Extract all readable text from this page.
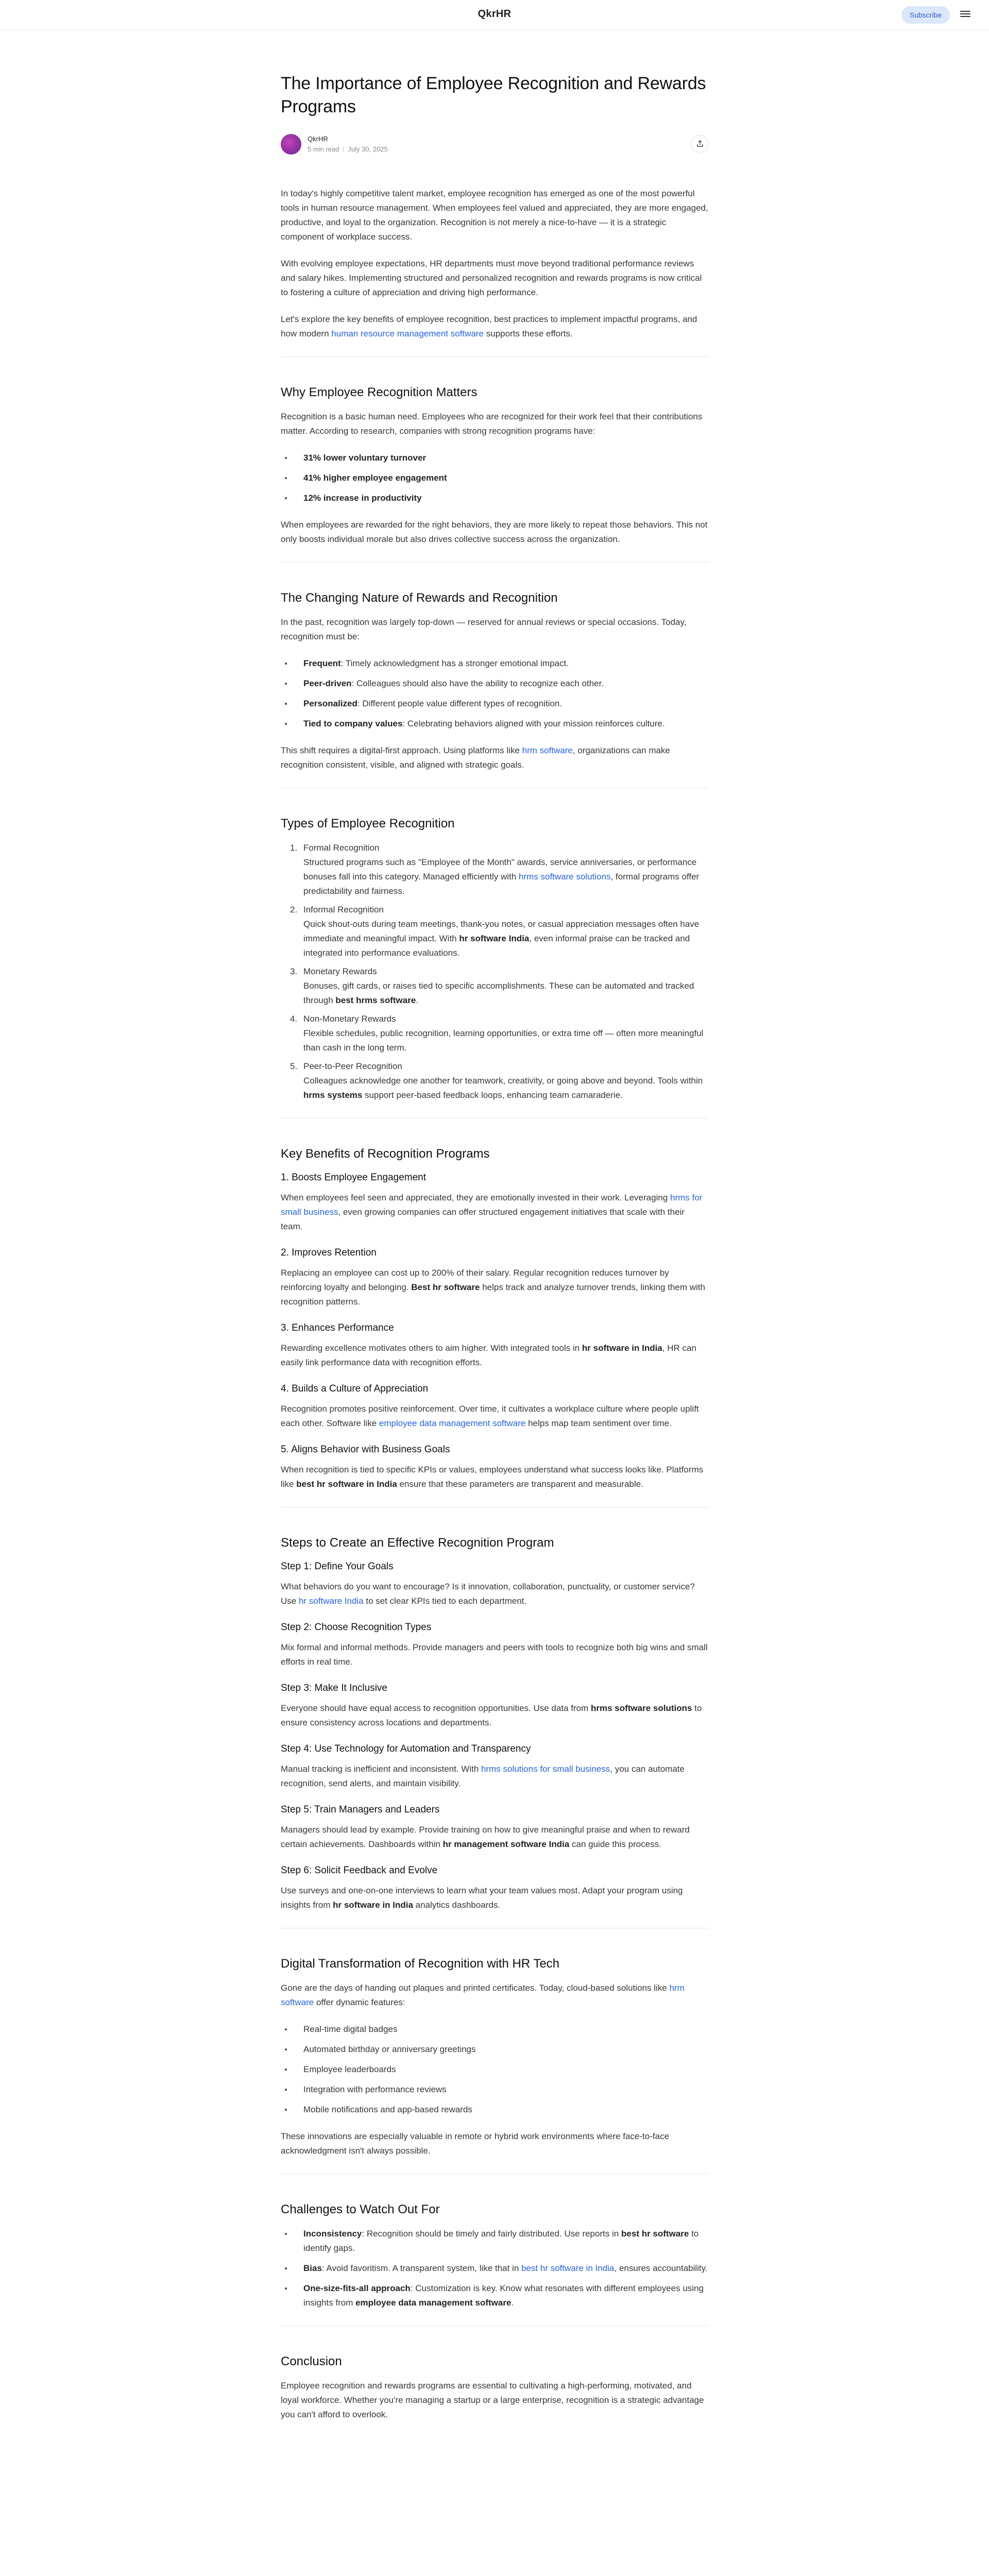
QkrHR	Subscribe
The Importance of Employee Recognition and Rewards Programs
QkrHR
5 min read July 30, 2025

In today's highly competitive talent market, employee recognition has emerged as one of the most powerful tools in human resource management. When employees feel valued and appreciated, they are more engaged, productive, and loyal to the organization. Recognition is not merely a nice-to-have — it is a strategic component of workplace success.

With evolving employee expectations, HR departments must move beyond traditional performance reviews and salary hikes. Implementing structured and personalized recognition and rewards programs is now critical to fostering a culture of appreciation and driving high performance.

Let's explore the key benefits of employee recognition, best practices to implement impactful programs, and how modern human resource management software supports these efforts.

Why Employee Recognition Matters

Recognition is a basic human need. Employees who are recognized for their work feel that their contributions matter. According to research, companies with strong recognition programs have:

31% lower voluntary turnover
41% higher employee engagement
12% increase in productivity

When employees are rewarded for the right behaviors, they are more likely to repeat those behaviors. This not only boosts individual morale but also drives collective success across the organization.

The Changing Nature of Rewards and Recognition

In the past, recognition was largely top-down — reserved for annual reviews or special occasions. Today, recognition must be:

Frequent: Timely acknowledgment has a stronger emotional impact.
Peer-driven: Colleagues should also have the ability to recognize each other.
Personalized: Different people value different types of recognition.
Tied to company values: Celebrating behaviors aligned with your mission reinforces culture.

This shift requires a digital-first approach. Using platforms like hrm software, organizations can make recognition consistent, visible, and aligned with strategic goals.

Types of Employee Recognition
1. Formal Recognition
Structured programs such as "Employee of the Month" awards, service anniversaries, or performance bonuses fall into this category. Managed efficiently with hrms software solutions, formal programs offer predictability and fairness.
2. Informal Recognition
Quick shout-outs during team meetings, thank-you notes, or casual appreciation messages often have immediate and meaningful impact. With hr software India, even informal praise can be tracked and integrated into performance evaluations.
3. Monetary Rewards
Bonuses, gift cards, or raises tied to specific accomplishments. These can be automated and tracked through best hrms software.
4. Non-Monetary Rewards
Flexible schedules, public recognition, learning opportunities, or extra time off — often more meaningful than cash in the long term.
5. Peer-to-Peer Recognition
Colleagues acknowledge one another for teamwork, creativity, or going above and beyond. Tools within hrms systems support peer-based feedback loops, enhancing team camaraderie.
Key Benefits of Recognition Programs
1. Boosts Employee Engagement

When employees feel seen and appreciated, they are emotionally invested in their work. Leveraging hrms for small business, even growing companies can offer structured engagement initiatives that scale with their team.

2. Improves Retention

Replacing an employee can cost up to 200% of their salary. Regular recognition reduces turnover by reinforcing loyalty and belonging. Best hr software helps track and analyze turnover trends, linking them with recognition patterns.

3. Enhances Performance

Rewarding excellence motivates others to aim higher. With integrated tools in hr software in India, HR can easily link performance data with recognition efforts.

4. Builds a Culture of Appreciation

Recognition promotes positive reinforcement. Over time, it cultivates a workplace culture where people uplift each other. Software like employee data management software helps map team sentiment over time.

5. Aligns Behavior with Business Goals

When recognition is tied to specific KPIs or values, employees understand what success looks like. Platforms like best hr software in India ensure that these parameters are transparent and measurable.

Steps to Create an Effective Recognition Program
Step 1: Define Your Goals

What behaviors do you want to encourage? Is it innovation, collaboration, punctuality, or customer service? Use hr software India to set clear KPIs tied to each department.

Step 2: Choose Recognition Types

Mix formal and informal methods. Provide managers and peers with tools to recognize both big wins and small efforts in real time.

Step 3: Make It Inclusive

Everyone should have equal access to recognition opportunities. Use data from hrms software solutions to ensure consistency across locations and departments.

Step 4: Use Technology for Automation and Transparency

Manual tracking is inefficient and inconsistent. With hrms solutions for small business, you can automate recognition, send alerts, and maintain visibility.

Step 5: Train Managers and Leaders

Managers should lead by example. Provide training on how to give meaningful praise and when to reward certain achievements. Dashboards within hr management software India can guide this process.

Step 6: Solicit Feedback and Evolve

Use surveys and one-on-one interviews to learn what your team values most. Adapt your program using insights from hr software in India analytics dashboards.

Digital Transformation of Recognition with HR Tech

Gone are the days of handing out plaques and printed certificates. Today, cloud-based solutions like hrm software offer dynamic features:

Real-time digital badges
Automated birthday or anniversary greetings
Employee leaderboards
Integration with performance reviews
Mobile notifications and app-based rewards

These innovations are especially valuable in remote or hybrid work environments where face-to-face acknowledgment isn't always possible.

Challenges to Watch Out For
Inconsistency: Recognition should be timely and fairly distributed. Use reports in best hr software to identify gaps.
Bias: Avoid favoritism. A transparent system, like that in best hr software in India, ensures accountability.
One-size-fits-all approach: Customization is key. Know what resonates with different employees using insights from employee data management software.
Conclusion

Employee recognition and rewards programs are essential to cultivating a high-performing, motivated, and loyal workforce. Whether you're managing a startup or a large enterprise, recognition is a strategic advantage you can't afford to overlook.
